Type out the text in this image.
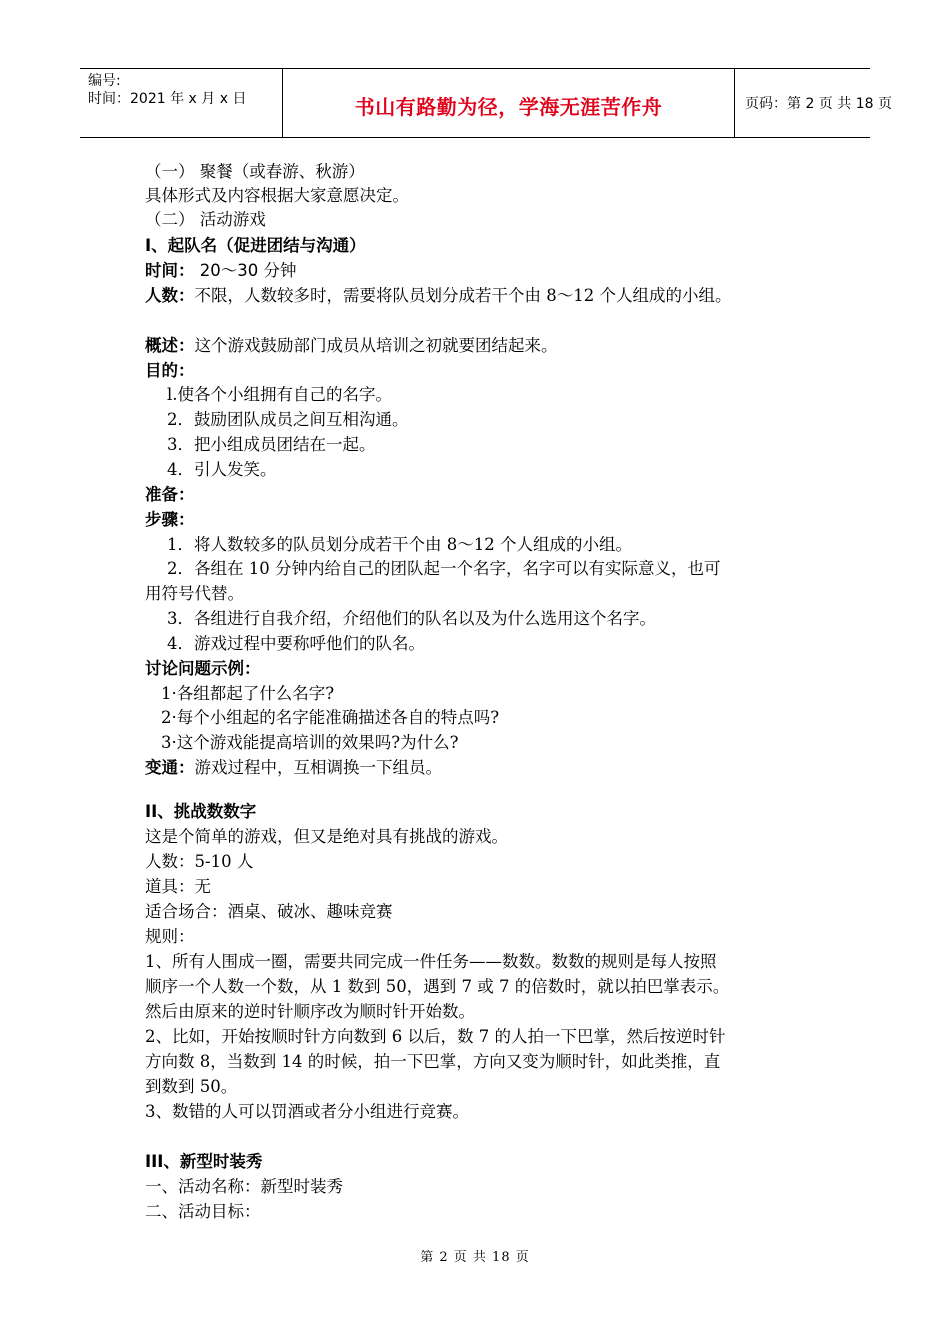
编号:
时间：2021 年 x 月 x 日	书山有路勤为径，学海无涯苦作舟	页码：第 2 页 共 18 页
（一） 聚餐（或春游、秋游）
具体形式及内容根据大家意愿决定。
（二） 活动游戏
I、起队名（促进团结与沟通）
时间： 20～30 分钟
人数：不限，人数较多时，需要将队员划分成若干个由 8～12 个人组成的小组。
概述：这个游戏鼓励部门成员从培训之初就要团结起来。
目的：
l.使各个小组拥有自己的名字。
2．鼓励团队成员之间互相沟通。
3．把小组成员团结在一起。
4．引人发笑。
准备：
步骤：
1．将人数较多的队员划分成若干个由 8～12 个人组成的小组。
2．各组在 10 分钟内给自己的团队起一个名字，名字可以有实际意义，也可
用符号代替。
3．各组进行自我介绍，介绍他们的队名以及为什么选用这个名字。
4．游戏过程中要称呼他们的队名。
讨论问题示例：
1·各组都起了什么名字?
2·每个小组起的名字能准确描述各自的特点吗?
3·这个游戏能提高培训的效果吗?为什么?
变通：游戏过程中，互相调换一下组员。
II、挑战数数字
这是个简单的游戏，但又是绝对具有挑战的游戏。
人数：5-10 人
道具：无
适合场合：酒桌、破冰、趣味竞赛
规则：
1、所有人围成一圈，需要共同完成一件任务——数数。数数的规则是每人按照
顺序一个人数一个数，从 1 数到 50，遇到 7 或 7 的倍数时，就以拍巴掌表示。
然后由原来的逆时针顺序改为顺时针开始数。
2、比如，开始按顺时针方向数到 6 以后，数 7 的人拍一下巴掌，然后按逆时针
方向数 8，当数到 14 的时候，拍一下巴掌，方向又变为顺时针，如此类推，直
到数到 50。
3、数错的人可以罚酒或者分小组进行竞赛。
III、新型时装秀
一、活动名称：新型时装秀
二、活动目标：
第 2 页 共 18 页
